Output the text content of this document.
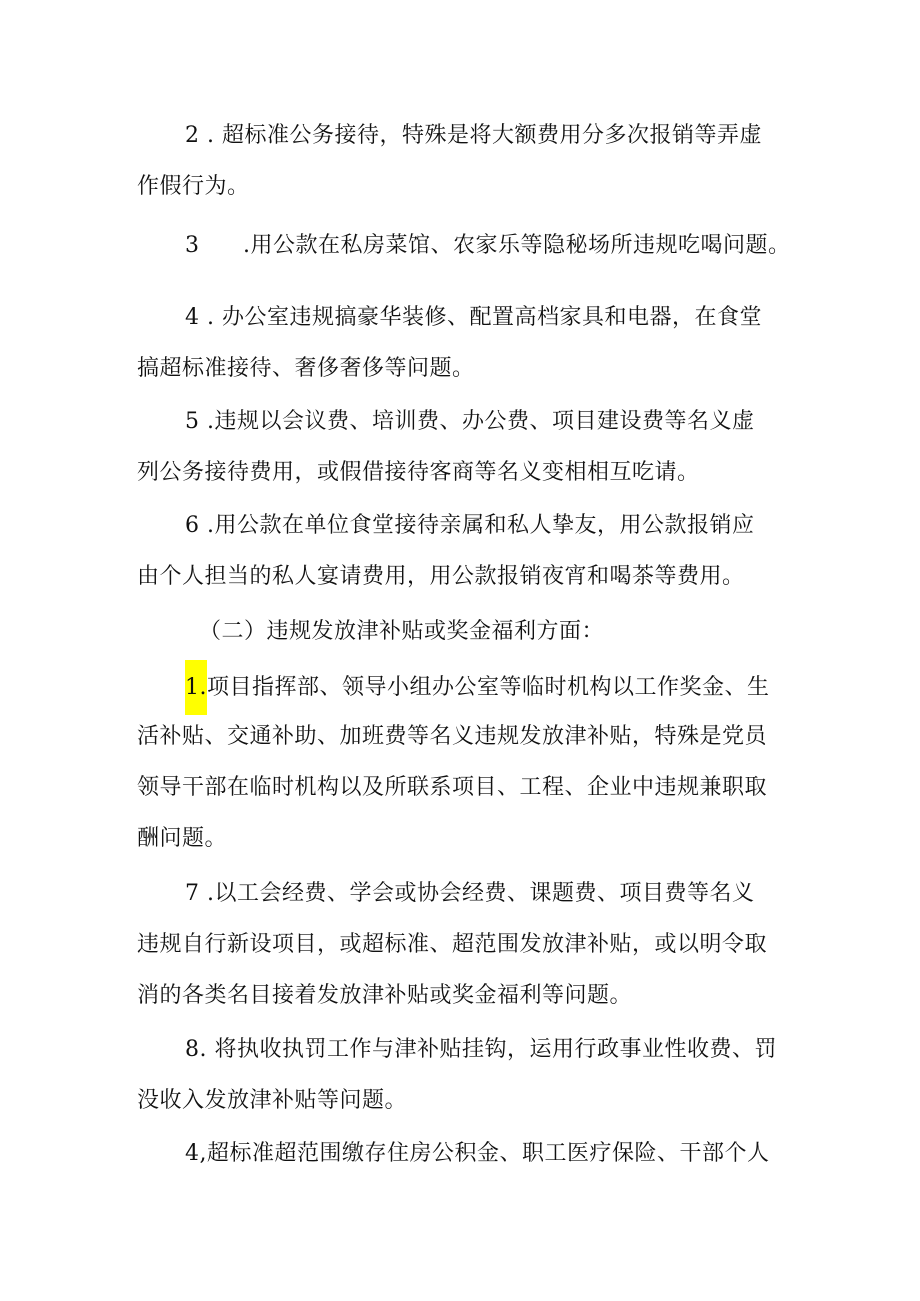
2 . 超标准公务接待，特殊是将大额费用分多次报销等弄虚
作假行为。

3 .用公款在私房菜馆、农家乐等隐秘场所违规吃喝问题。

4 . 办公室违规搞豪华装修、配置高档家具和电器，在食堂
搞超标准接待、奢侈奢侈等问题。

5 .违规以会议费、培训费、办公费、项目建设费等名义虚
列公务接待费用，或假借接待客商等名义变相相互吃请。

6 .用公款在单位食堂接待亲属和私人挚友，用公款报销应
由个人担当的私人宴请费用，用公款报销夜宵和喝茶等费用。

（二）违规发放津补贴或奖金福利方面：

1.项目指挥部、领导小组办公室等临时机构以工作奖金、生
活补贴、交通补助、加班费等名义违规发放津补贴，特殊是党员
领导干部在临时机构以及所联系项目、工程、企业中违规兼职取
酬问题。

7 .以工会经费、学会或协会经费、课题费、项目费等名义
违规自行新设项目，或超标准、超范围发放津补贴，或以明令取
消的各类名目接着发放津补贴或奖金福利等问题。

8. 将执收执罚工作与津补贴挂钩，运用行政事业性收费、罚
没收入发放津补贴等问题。

4,超标准超范围缴存住房公积金、职工医疗保险、干部个人
